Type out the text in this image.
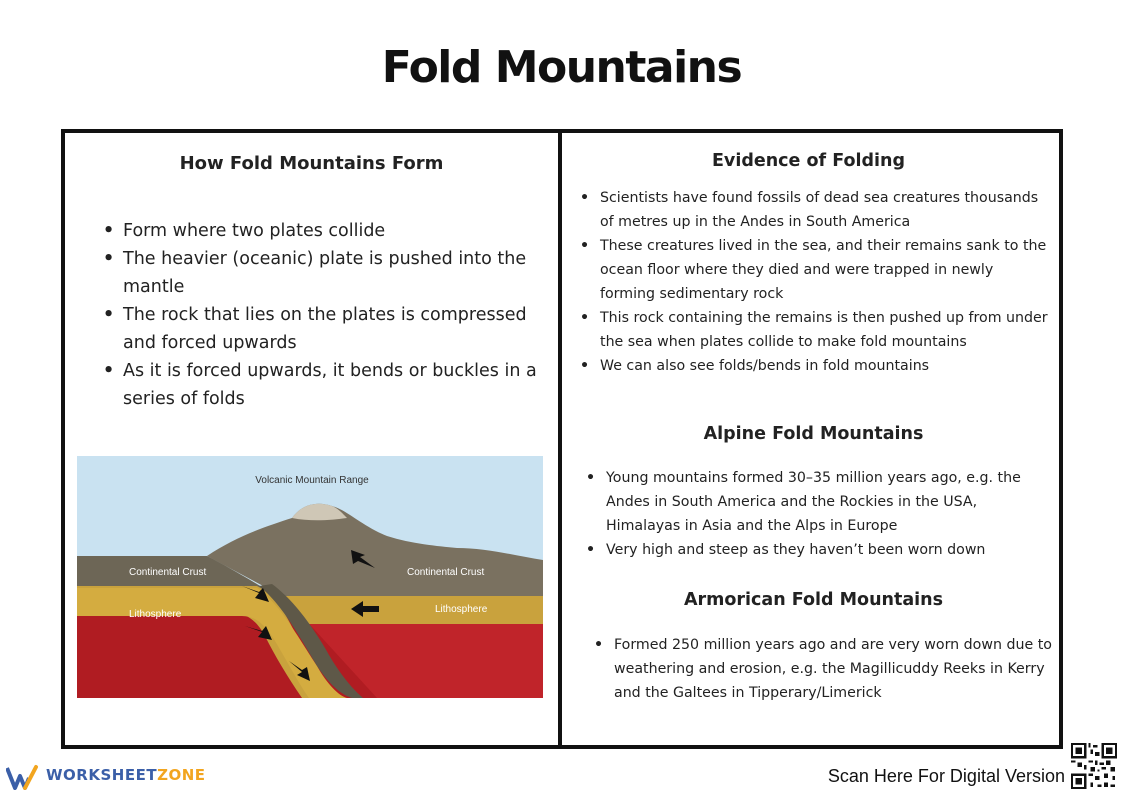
Fold Mountains
How Fold Mountains Form
• Form where two plates collide
• The heavier (oceanic) plate is pushed into the mantle
• The rock that lies on the plates is compressed and forced upwards
• As it is forced upwards, it bends or buckles in a series of folds
Volcanic Mountain Range
Continental Crust	Continental Crust
Lithosphere	Lithosphere
Evidence of Folding
• Scientists have found fossils of dead sea creatures thousands of metres up in the Andes in South America
• These creatures lived in the sea, and their remains sank to the ocean floor where they died and were trapped in newly forming sedimentary rock
• This rock containing the remains is then pushed up from under the sea when plates collide to make fold mountains
• We can also see folds/bends in fold mountains
Alpine Fold Mountains
• Young mountains formed 30–35 million years ago, e.g. the Andes in South America and the Rockies in the USA, Himalayas in Asia and the Alps in Europe
• Very high and steep as they haven’t been worn down
Armorican Fold Mountains
• Formed 250 million years ago and are very worn down due to weathering and erosion, e.g. the Magillicuddy Reeks in Kerry and the Galtees in Tipperary/Limerick
WORKSHEETZONE	Scan Here For Digital Version
